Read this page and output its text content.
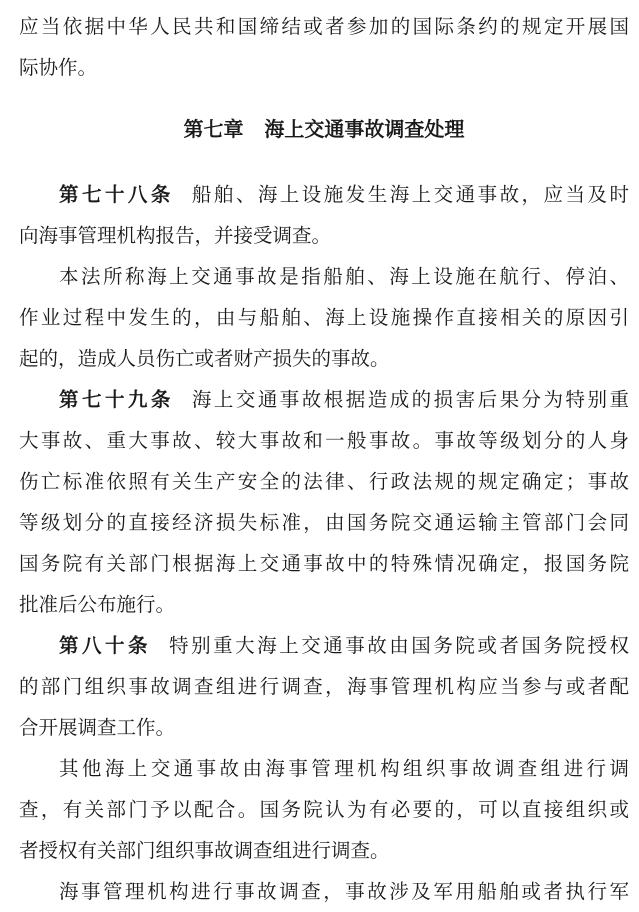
应当依据中华人民共和国缔结或者参加的国际条约的规定开展国
际协作。
第七章   海上交通事故调查处理
第七十八条 船舶、海上设施发生海上交通事故，应当及时
向海事管理机构报告，并接受调查。
本法所称海上交通事故是指船舶、海上设施在航行、停泊、
作业过程中发生的，由与船舶、海上设施操作直接相关的原因引
起的，造成人员伤亡或者财产损失的事故。
第七十九条 海上交通事故根据造成的损害后果分为特别重
大事故、重大事故、较大事故和一般事故。事故等级划分的人身
伤亡标准依照有关生产安全的法律、行政法规的规定确定；事故
等级划分的直接经济损失标准，由国务院交通运输主管部门会同
国务院有关部门根据海上交通事故中的特殊情况确定，报国务院
批准后公布施行。
第八十条 特别重大海上交通事故由国务院或者国务院授权
的部门组织事故调查组进行调查，海事管理机构应当参与或者配
合开展调查工作。
其他海上交通事故由海事管理机构组织事故调查组进行调
查，有关部门予以配合。国务院认为有必要的，可以直接组织或
者授权有关部门组织事故调查组进行调查。
海事管理机构进行事故调查，事故涉及军用船舶或者执行军
